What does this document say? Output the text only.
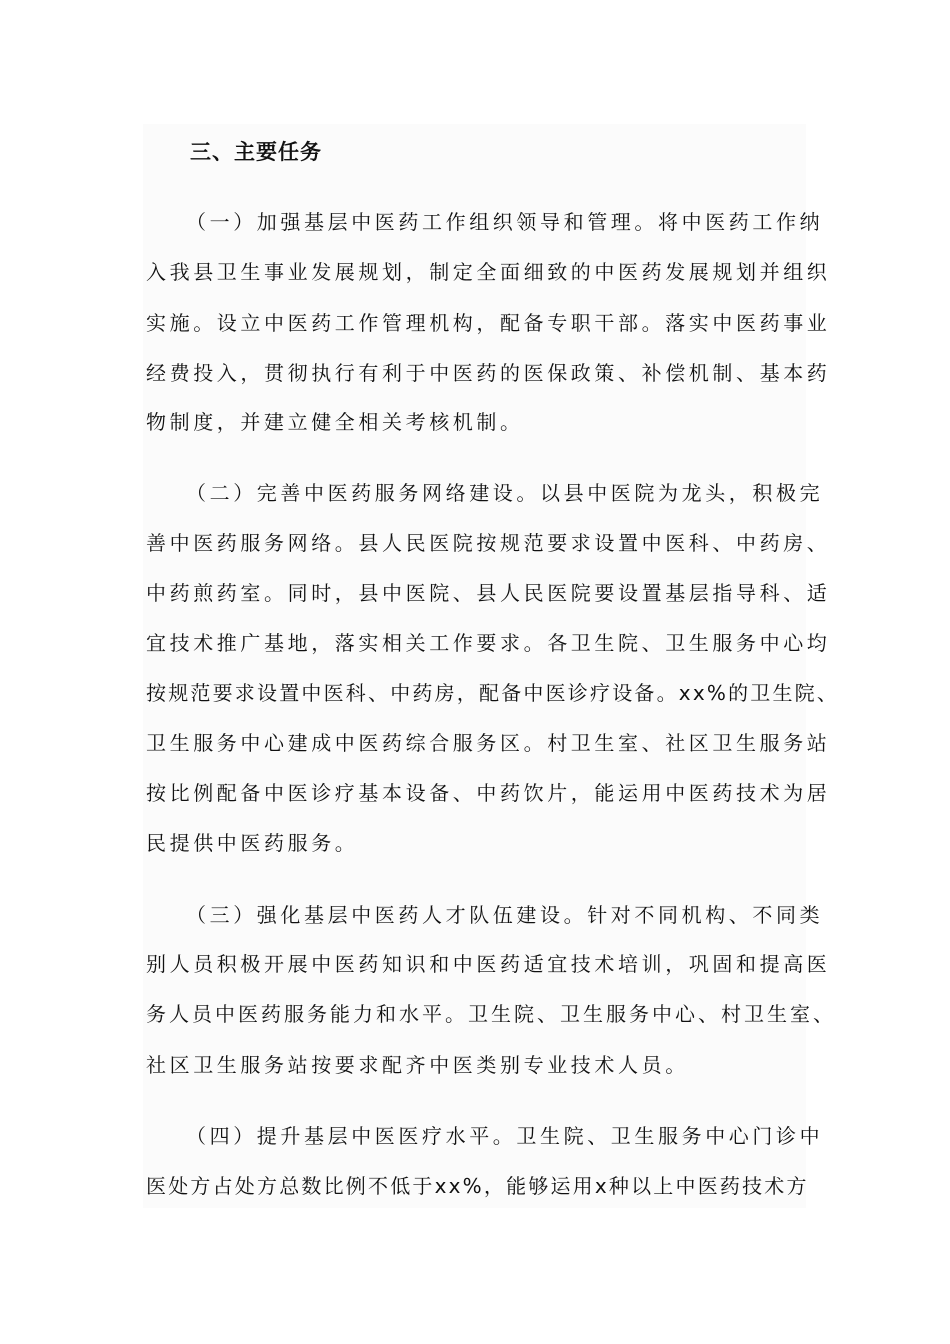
三、主要任务

（一）加强基层中医药工作组织领导和管理。将中医药工作纳

入我县卫生事业发展规划，制定全面细致的中医药发展规划并组织

实施。设立中医药工作管理机构，配备专职干部。落实中医药事业

经费投入，贯彻执行有利于中医药的医保政策、补偿机制、基本药

物制度，并建立健全相关考核机制。

（二）完善中医药服务网络建设。以县中医院为龙头，积极完

善中医药服务网络。县人民医院按规范要求设置中医科、中药房、

中药煎药室。同时，县中医院、县人民医院要设置基层指导科、适

宜技术推广基地，落实相关工作要求。各卫生院、卫生服务中心均

按规范要求设置中医科、中药房，配备中医诊疗设备。xx%的卫生院、

卫生服务中心建成中医药综合服务区。村卫生室、社区卫生服务站

按比例配备中医诊疗基本设备、中药饮片，能运用中医药技术为居

民提供中医药服务。

（三）强化基层中医药人才队伍建设。针对不同机构、不同类

别人员积极开展中医药知识和中医药适宜技术培训，巩固和提高医

务人员中医药服务能力和水平。卫生院、卫生服务中心、村卫生室、

社区卫生服务站按要求配齐中医类别专业技术人员。

（四）提升基层中医医疗水平。卫生院、卫生服务中心门诊中

医处方占处方总数比例不低于xx%，能够运用x种以上中医药技术方
